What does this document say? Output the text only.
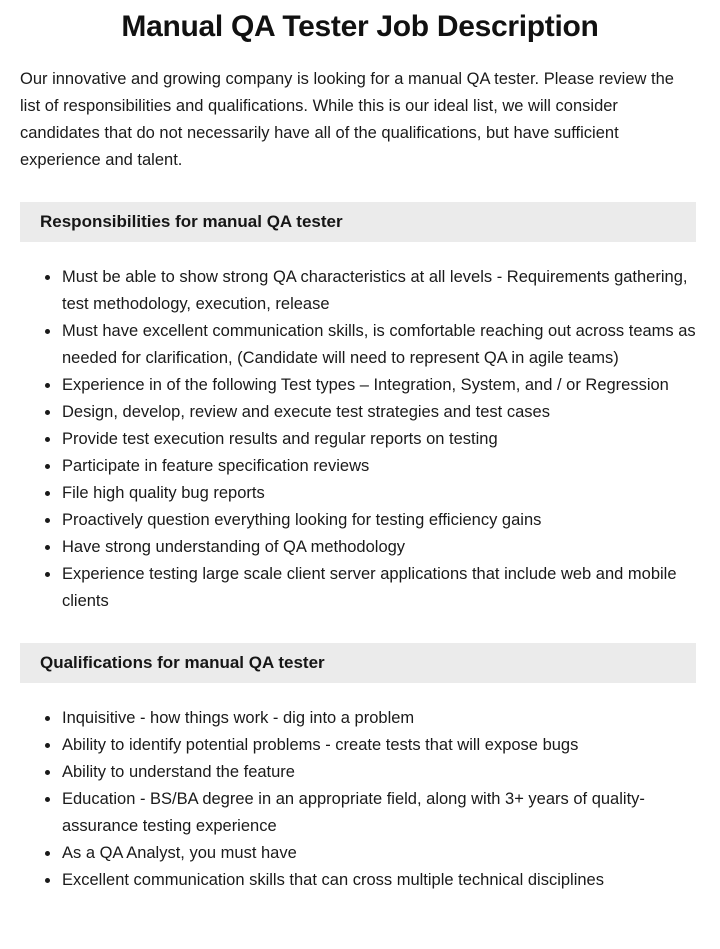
Manual QA Tester Job Description

Our innovative and growing company is looking for a manual QA tester. Please review the list of responsibilities and qualifications. While this is our ideal list, we will consider candidates that do not necessarily have all of the qualifications, but have sufficient experience and talent.

Responsibilities for manual QA tester
Must be able to show strong QA characteristics at all levels - Requirements gathering, test methodology, execution, release
Must have excellent communication skills, is comfortable reaching out across teams as needed for clarification, (Candidate will need to represent QA in agile teams)
Experience in of the following Test types – Integration, System, and / or Regression
Design, develop, review and execute test strategies and test cases
Provide test execution results and regular reports on testing
Participate in feature specification reviews
File high quality bug reports
Proactively question everything looking for testing efficiency gains
Have strong understanding of QA methodology
Experience testing large scale client server applications that include web and mobile clients
Qualifications for manual QA tester
Inquisitive - how things work - dig into a problem
Ability to identify potential problems - create tests that will expose bugs
Ability to understand the feature
Education - BS/BA degree in an appropriate field, along with 3+ years of quality-assurance testing experience
As a QA Analyst, you must have
Excellent communication skills that can cross multiple technical disciplines
